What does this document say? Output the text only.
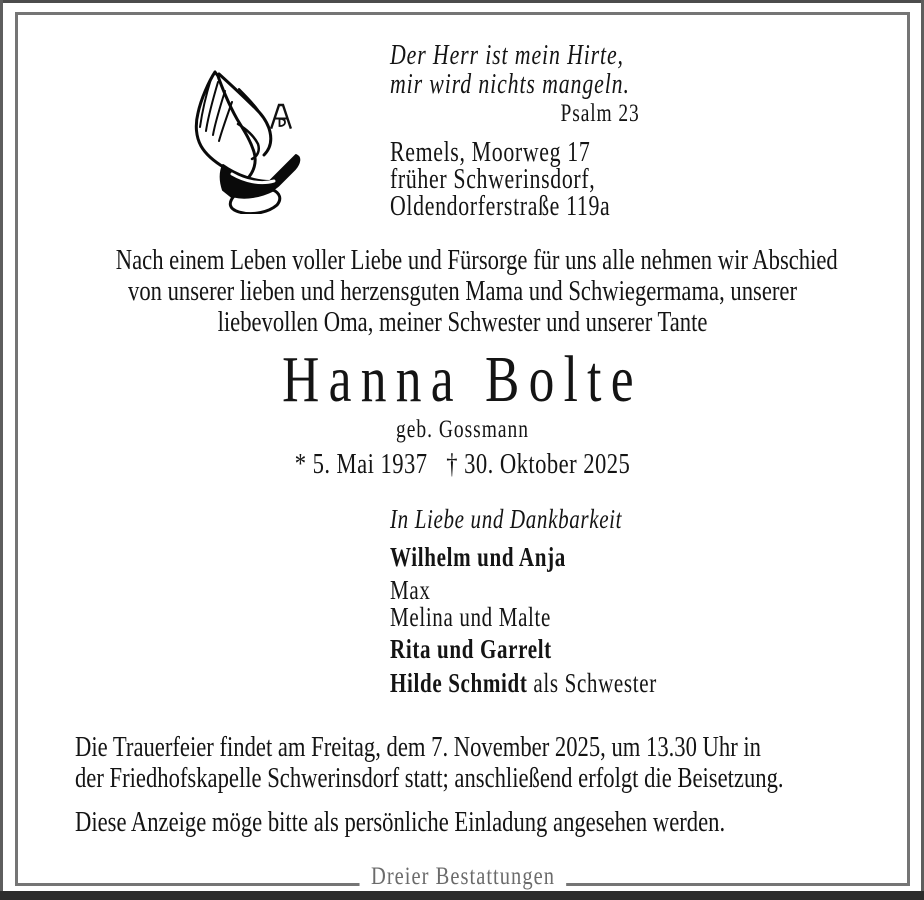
Der Herr ist mein Hirte,
mir wird nichts mangeln.
Psalm 23
Remels, Moorweg 17
früher Schwerinsdorf,
Oldendorferstraße 119a
Nach einem Leben voller Liebe und Fürsorge für uns alle nehmen wir Abschied
von unserer lieben und herzensguten Mama und Schwiegermama, unserer
liebevollen Oma, meiner Schwester und unserer Tante
Hanna Bolte
geb. Gossmann
* 5. Mai 1937 † 30. Oktober 2025
In Liebe und Dankbarkeit
Wilhelm und Anja
Max
Melina und Malte
Rita und Garrelt
Hilde Schmidt als Schwester
Die Trauerfeier findet am Freitag, dem 7. November 2025, um 13.30 Uhr in
der Friedhofskapelle Schwerinsdorf statt; anschließend erfolgt die Beisetzung.
Diese Anzeige möge bitte als persönliche Einladung angesehen werden.
Dreier Bestattungen
